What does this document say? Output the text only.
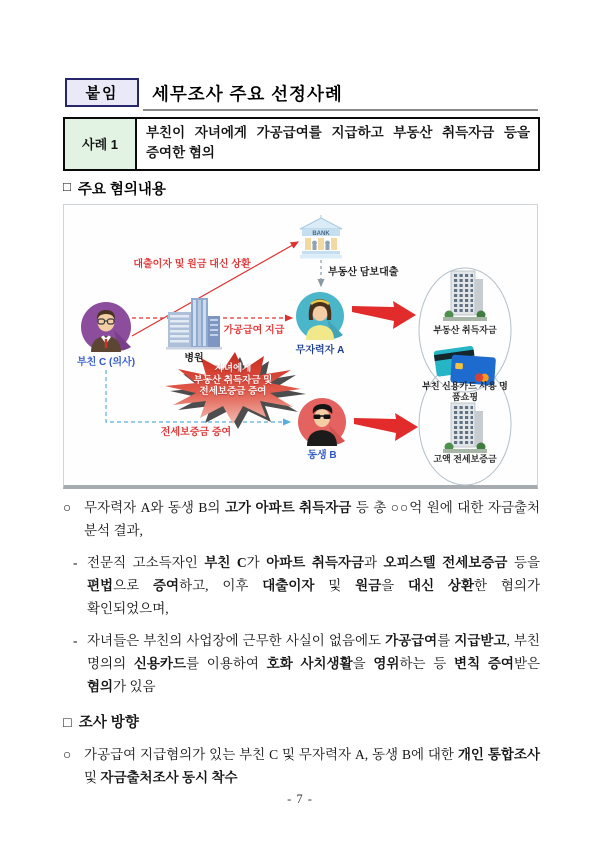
붙임 세무조사 주요 선정사례
사례 1
부친이 자녀에게 가공급여를 지급하고 부동산 취득자금 등을 증여한 혐의
□ 주요 혐의내용
BANK
부친 C (의사)	병원
무자력자 A
동생 B
대출이자 및 원금 대신 상환
부동산 담보대출
가공급여 지급
전세보증금 증여
자녀에게
부동산 취득자금 및
전세보증금 증여
부동산 취득자금
부친 신용카드 사용 명품쇼핑
고액 전세보증금
○ 무자력자 A와 동생 B의 고가 아파트 취득자금 등 총 ○○억 원에 대한 자금출처 분석 결과,
- 전문직 고소득자인 부친 C가 아파트 취득자금과 오피스텔 전세보증금 등을 편법으로 증여하고, 이후 대출이자 및 원금을 대신 상환한 혐의가 확인되었으며,
- 자녀들은 부친의 사업장에 근무한 사실이 없음에도 가공급여를 지급받고, 부친 명의의 신용카드를 이용하여 호화 사치생활을 영위하는 등 변칙 증여받은 혐의가 있음
□ 조사 방향
○ 가공급여 지급혐의가 있는 부친 C 및 무자력자 A, 동생 B에 대한 개인 통합조사 및 자금출처조사 동시 착수
- 7 -
